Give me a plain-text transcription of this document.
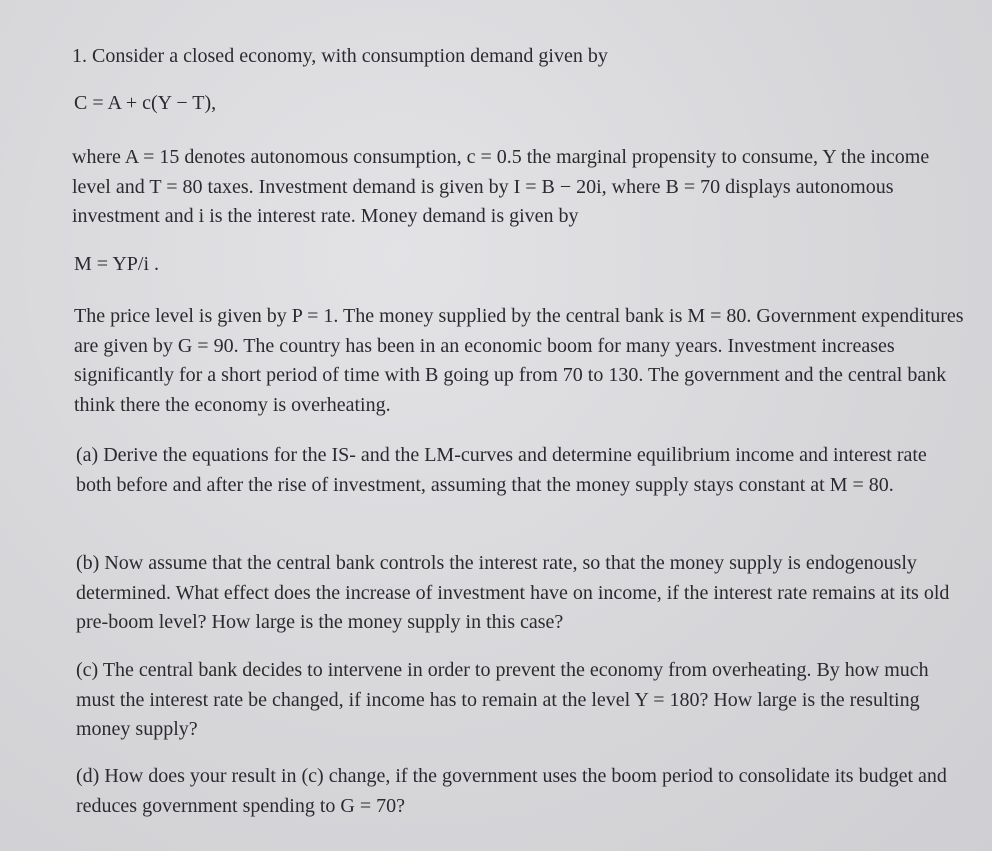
1. Consider a closed economy, with consumption demand given by

C = A + c(Y − T),

where A = 15 denotes autonomous consumption, c = 0.5 the marginal propensity to consume, Y the income level and T = 80 taxes. Investment demand is given by I = B − 20i, where B = 70 displays autonomous investment and i is the interest rate. Money demand is given by

M = YP/i .

The price level is given by P = 1. The money supplied by the central bank is M = 80. Government expenditures are given by G = 90. The country has been in an economic boom for many years. Investment increases significantly for a short period of time with B going up from 70 to 130. The government and the central bank think there the economy is overheating.

(a) Derive the equations for the IS- and the LM-curves and determine equilibrium income and interest rate both before and after the rise of investment, assuming that the money supply stays constant at M = 80.

(b) Now assume that the central bank controls the interest rate, so that the money supply is endogenously determined. What effect does the increase of investment have on income, if the interest rate remains at its old pre-boom level? How large is the money supply in this case?

(c) The central bank decides to intervene in order to prevent the economy from overheating. By how much must the interest rate be changed, if income has to remain at the level Y = 180? How large is the resulting money supply?

(d) How does your result in (c) change, if the government uses the boom period to consolidate its budget and reduces government spending to G = 70?
